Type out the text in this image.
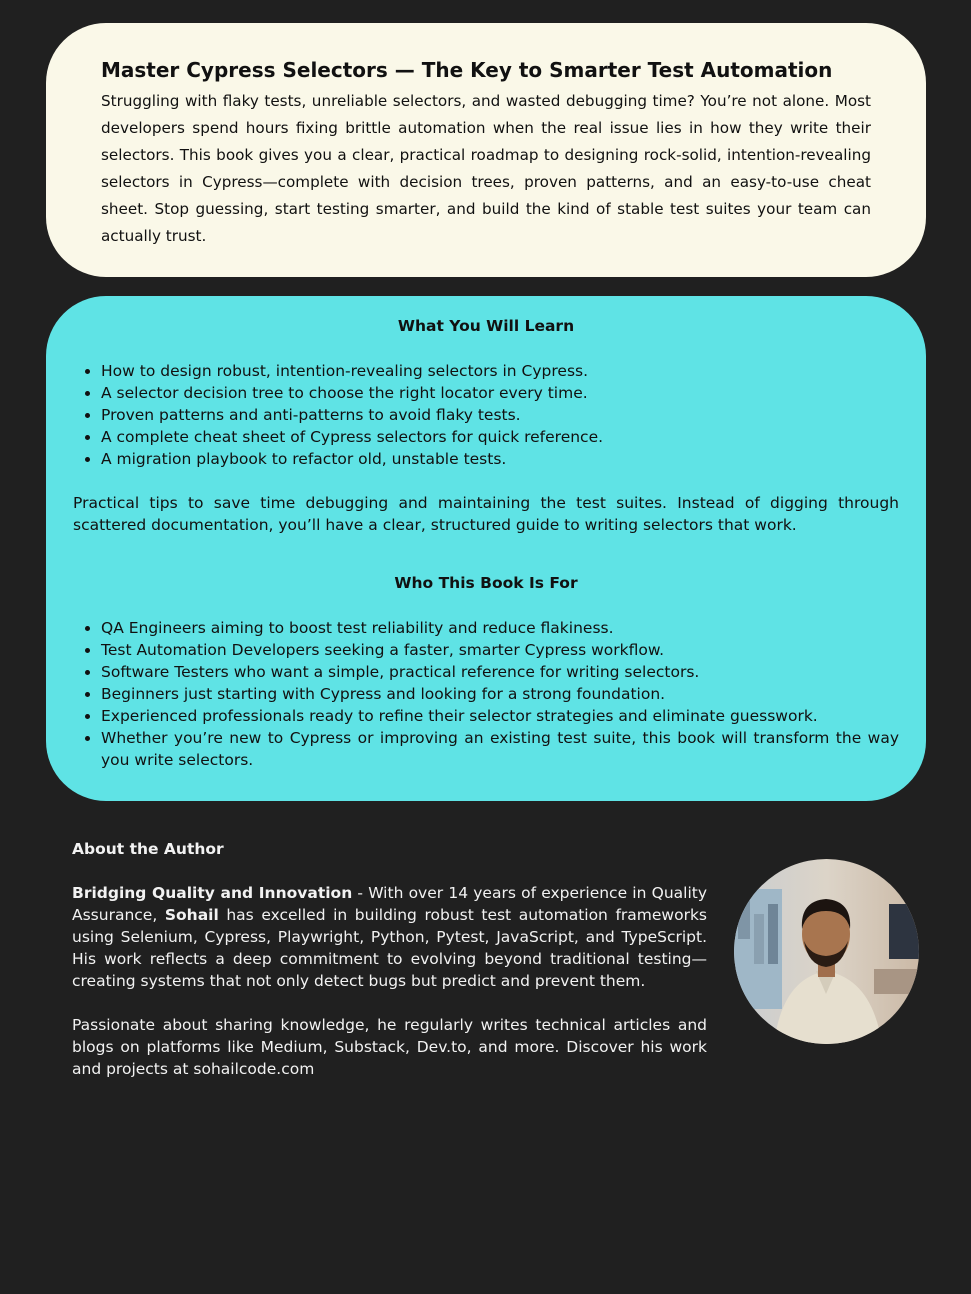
Master Cypress Selectors — The Key to Smarter Test Automation

Struggling with flaky tests, unreliable selectors, and wasted debugging time? You’re not alone. Most developers spend hours fixing brittle automation when the real issue lies in how they write their selectors. This book gives you a clear, practical roadmap to designing rock-solid, intention-revealing selectors in Cypress—complete with decision trees, proven patterns, and an easy-to-use cheat sheet. Stop guessing, start testing smarter, and build the kind of stable test suites your team can actually trust.

What You Will Learn
• How to design robust, intention-revealing selectors in Cypress.
• A selector decision tree to choose the right locator every time.
• Proven patterns and anti-patterns to avoid flaky tests.
• A complete cheat sheet of Cypress selectors for quick reference.
• A migration playbook to refactor old, unstable tests.

Practical tips to save time debugging and maintaining the test suites. Instead of digging through scattered documentation, you’ll have a clear, structured guide to writing selectors that work.

Who This Book Is For
• QA Engineers aiming to boost test reliability and reduce flakiness.
• Test Automation Developers seeking a faster, smarter Cypress workflow.
• Software Testers who want a simple, practical reference for writing selectors.
• Beginners just starting with Cypress and looking for a strong foundation.
• Experienced professionals ready to refine their selector strategies and eliminate guesswork.
• Whether you’re new to Cypress or improving an existing test suite, this book will transform the way you write selectors.
About the Author

Bridging Quality and Innovation - With over 14 years of experience in Quality Assurance, Sohail has excelled in building robust test automation frameworks using Selenium, Cypress, Playwright, Python, Pytest, JavaScript, and TypeScript. His work reflects a deep commitment to evolving beyond traditional testing—creating systems that not only detect bugs but predict and prevent them.

Passionate about sharing knowledge, he regularly writes technical articles and blogs on platforms like Medium, Substack, Dev.to, and more. Discover his work and projects at sohailcode.com
